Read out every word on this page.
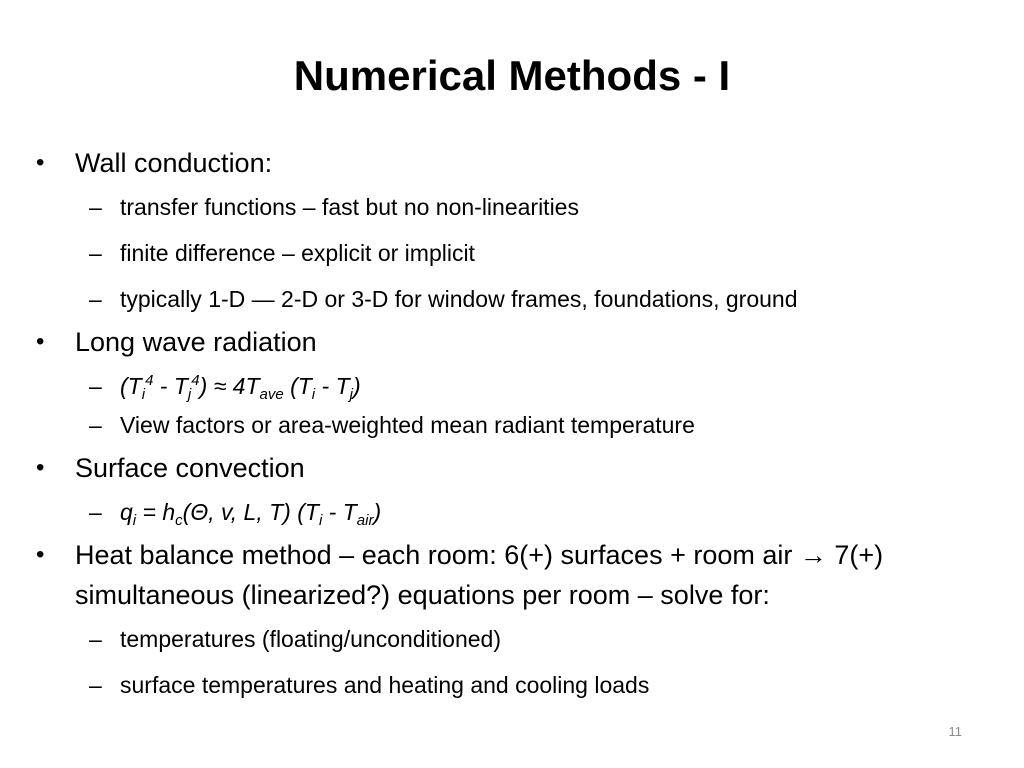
Numerical Methods - I
•	Wall conduction:
– transfer functions – fast but no non-linearities
– finite difference – explicit or implicit
– typically 1-D — 2-D or 3-D for window frames, foundations, ground
•	Long wave radiation
– $(T_i^4 - T_j^4) \approx 4T_{ave}$ $(T_i - T_j)$
– View factors or area-weighted mean radiant temperature
•	Surface convection
– $q_i = h_c(\Theta$, v, L, T) $(T_i - T_{air})$
•	Heat balance method – each room: 6(+) surfaces + room air → 7(+) simultaneous (linearized?) equations per room – solve for:
– temperatures (floating/unconditioned)
– surface temperatures and heating and cooling loads
11
